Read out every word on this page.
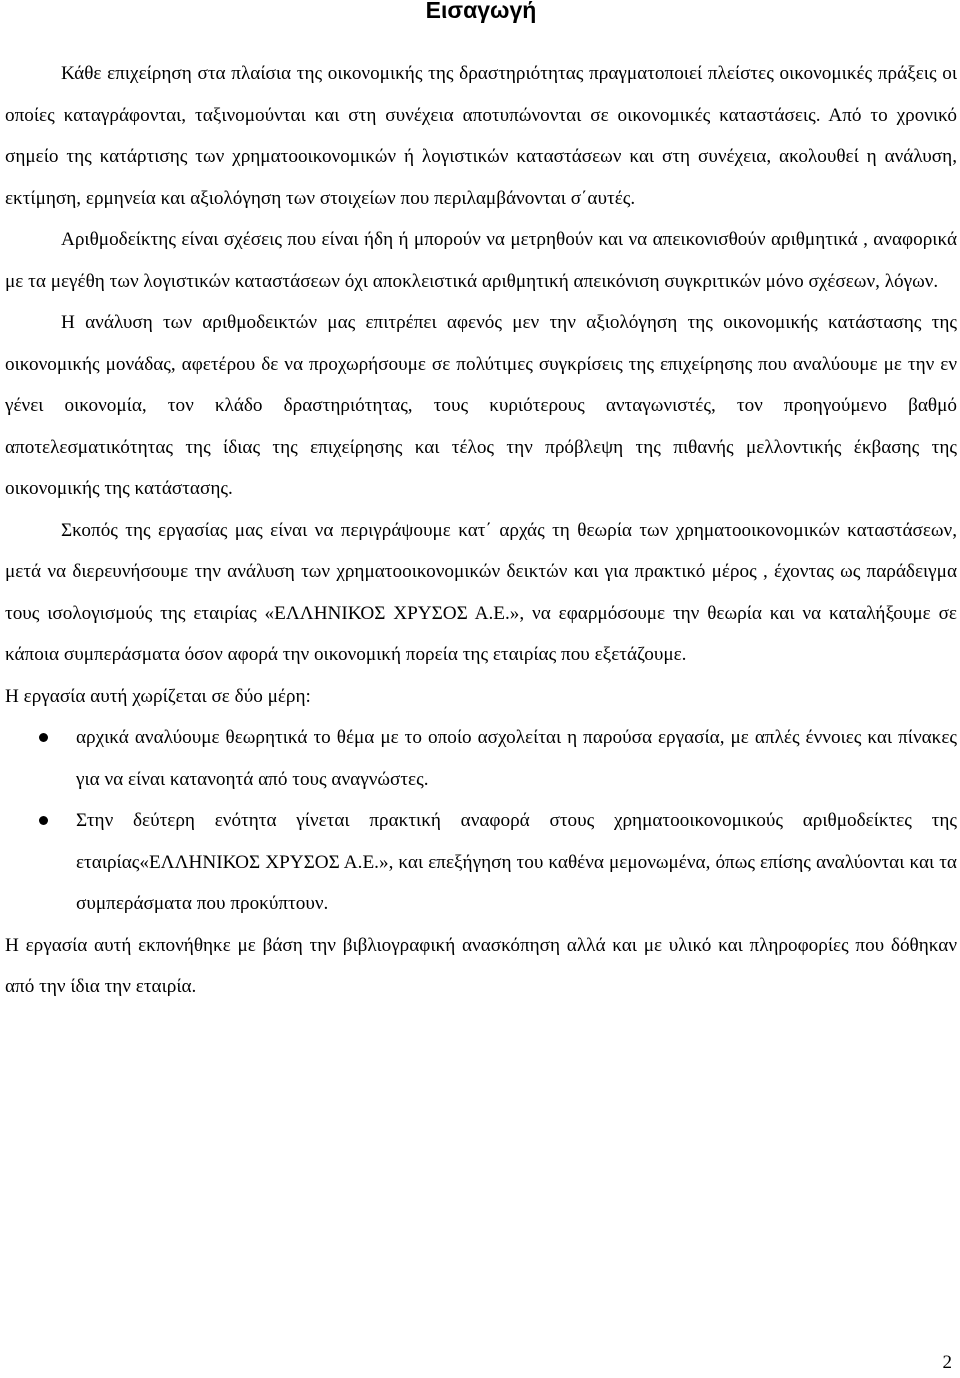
Εισαγωγή

Κάθε επιχείρηση στα πλαίσια της οικονομικής της δραστηριότητας πραγματοποιεί πλείστες οικονομικές πράξεις οι οποίες καταγράφονται, ταξινομούνται και στη συνέχεια αποτυπώνονται σε οικονομικές καταστάσεις. Από το χρονικό σημείο της κατάρτισης των χρηματοοικονομικών ή λογιστικών καταστάσεων και στη συνέχεια, ακολουθεί η ανάλυση, εκτίμηση, ερμηνεία και αξιολόγηση των στοιχείων που περιλαμβάνονται σ΄αυτές.

Αριθμοδείκτης είναι σχέσεις που είναι ήδη ή μπορούν να μετρηθούν και να απεικονισθούν αριθμητικά , αναφορικά με τα μεγέθη των λογιστικών καταστάσεων όχι αποκλειστικά αριθμητική απεικόνιση συγκριτικών μόνο σχέσεων, λόγων.

Η ανάλυση των αριθμοδεικτών μας επιτρέπει αφενός μεν την αξιολόγηση της οικονομικής κατάστασης της οικονομικής μονάδας, αφετέρου δε να προχωρήσουμε σε πολύτιμες συγκρίσεις της επιχείρησης που αναλύουμε με την εν γένει οικονομία, τον κλάδο δραστηριότητας, τους κυριότερους ανταγωνιστές, τον προηγούμενο βαθμό αποτελεσματικότητας της ίδιας της επιχείρησης και τέλος την πρόβλεψη της πιθανής μελλοντικής έκβασης της οικονομικής της κατάστασης.

Σκοπός της εργασίας μας είναι να περιγράψουμε κατ΄ αρχάς τη θεωρία των χρηματοοικονομικών καταστάσεων, μετά να διερευνήσουμε την ανάλυση των χρηματοοικονομικών δεικτών και για πρακτικό μέρος , έχοντας ως παράδειγμα τους ισολογισμούς της εταιρίας «ΕΛΛΗΝΙΚΟΣ ΧΡΥΣΟΣ Α.Ε.», να εφαρμόσουμε την θεωρία και να καταλήξουμε σε κάποια συμπεράσματα όσον αφορά την οικονομική πορεία της εταιρίας που εξετάζουμε.

Η εργασία αυτή χωρίζεται σε δύο μέρη:

αρχικά αναλύουμε θεωρητικά το θέμα με το οποίο ασχολείται η παρούσα εργασία, με απλές έννοιες και πίνακες για να είναι κατανοητά από τους αναγνώστες.
Στην δεύτερη ενότητα γίνεται πρακτική αναφορά στους χρηματοοικονομικούς αριθμοδείκτες της εταιρίας«ΕΛΛΗΝΙΚΟΣ ΧΡΥΣΟΣ Α.Ε.», και επεξήγηση του καθένα μεμονωμένα, όπως επίσης αναλύονται και τα συμπεράσματα που προκύπτουν.

Η εργασία αυτή εκπονήθηκε με βάση την βιβλιογραφική ανασκόπηση αλλά και με υλικό και πληροφορίες που δόθηκαν από την ίδια την εταιρία.

2
